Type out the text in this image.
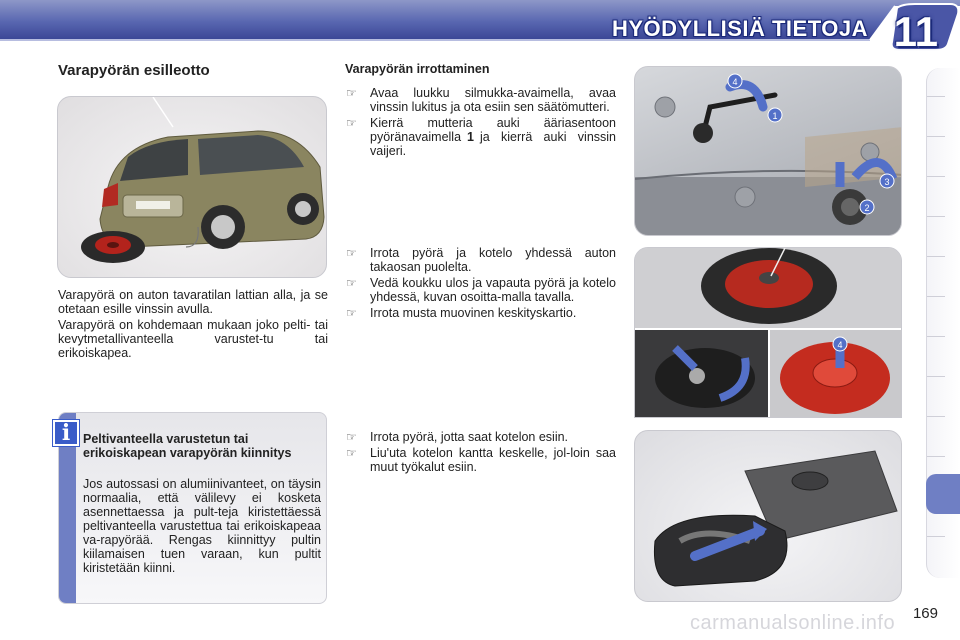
HYÖDYLLISIÄ TIETOJA 11
Varapyörän esilleotto

Varapyörä on auton tavaratilan lattian alla, ja se otetaan esille vinssin avulla.

Varapyörä on kohdemaan mukaan joko pelti- tai kevytmetallivanteella varustet-tu tai erikoiskapea.

i	Peltivanteella varustetun tai erikoiskapean varapyörän kiinnitys
Jos autossasi on alumiinivanteet, on täysin normaalia, että välilevy ei kosketa asennettaessa ja pult-teja kiristettäessä peltivanteella varustettua tai erikoiskapeaa va-rapyörää. Rengas kiinnittyy pultin kiilamaisen tuen varaan, kun pultit kiristetään kiinni.
Varapyörän irrottaminen
☞ Avaa luukku silmukka-avaimella, avaa vinssin lukitus ja ota esiin sen säätömutteri.
☞ Kierrä mutteria auki ääriasentoon pyöränavaimella 1 ja kierrä auki vinssin vaijeri.
☞ Irrota pyörä ja kotelo yhdessä auton takaosan puolelta.
☞ Vedä koukku ulos ja vapauta pyörä ja kotelo yhdessä, kuvan osoitta-malla tavalla.
☞ Irrota musta muovinen keskityskartio.
☞ Irrota pyörä, jotta saat kotelon esiin.
☞ Liu'uta kotelon kantta keskelle, jol-loin saa muut työkalut esiin.
4
1
3
2
4
169
carmanualsonline.info
